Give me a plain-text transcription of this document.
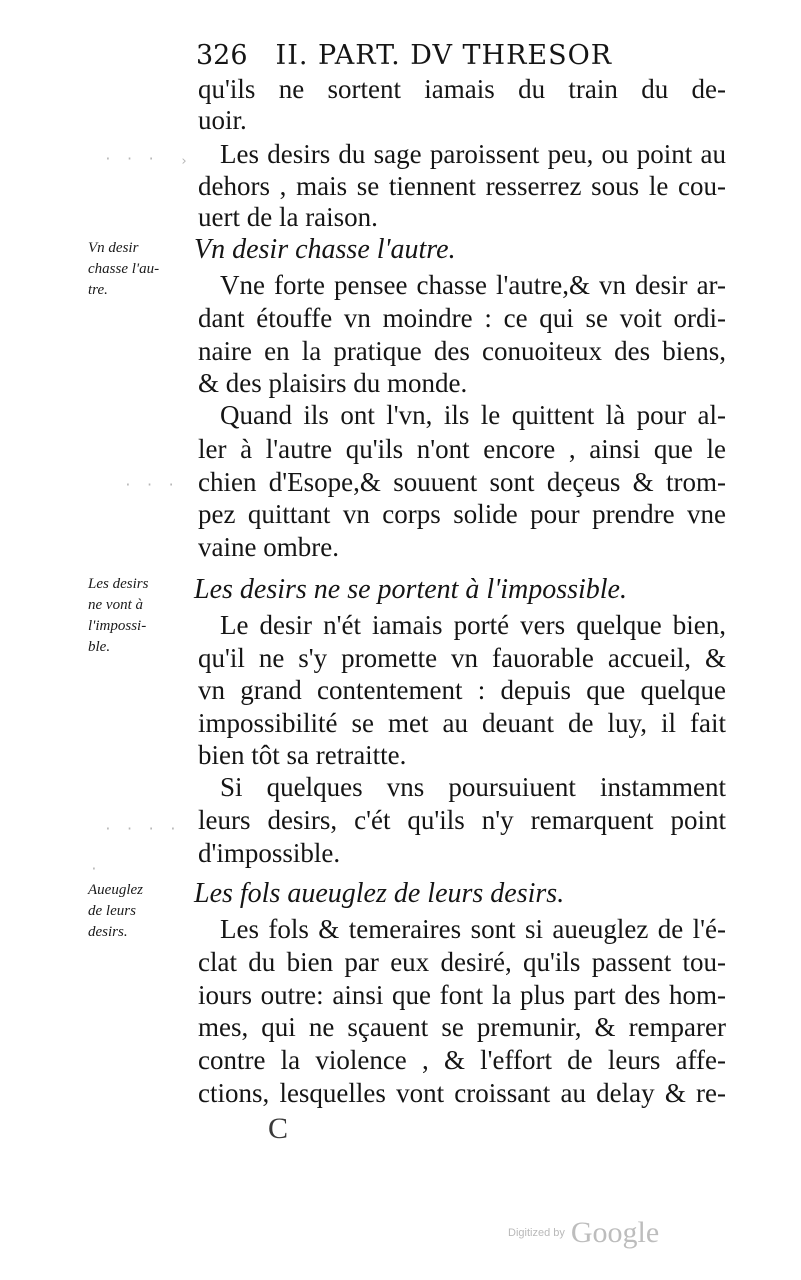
326 II. PART. DV THRESOR
qu'ils ne sortent iamais du train du de-
uoir.
Les desirs du sage paroissent peu, ou point au
dehors , mais se tiennent resserrez sous le cou-
uert de la raison.
Vn desir chasse l'autre.
Vn desir
chasse l'au-
tre.	Vne forte pensee chasse l'autre,& vn desir ar-
dant étouffe vn moindre : ce qui se voit ordi-
naire en la pratique des conuoiteux des biens,
& des plaisirs du monde.
Quand ils ont l'vn, ils le quittent là pour al-
ler à l'autre qu'ils n'ont encore , ainsi que le
chien d'Esope,& souuent sont deçeus & trom-
pez quittant vn corps solide pour prendre vne
vaine ombre.
Les desirs ne se portent à l'impossible.
Les desirs
ne vont à
l'impossi-
ble.
Le desir n'ét iamais porté vers quelque bien,
qu'il ne s'y promette vn fauorable accueil, &
vn grand contentement : depuis que quelque
impossibilité se met au deuant de luy, il fait
bien tôt sa retraitte.
Si quelques vns poursuiuent instamment
leurs desirs, c'ét qu'ils n'y remarquent point
d'impossible.
Les fols aueuglez de leurs desirs.
Aueuglez
de leurs
desirs.	Les fols & temeraires sont si aueuglez de l'é-
clat du bien par eux desiré, qu'ils passent tou-
iours outre: ainsi que font la plus part des hom-
mes, qui ne sçauent se premunir, & remparer
contre la violence , & l'effort de leurs affe-
ctions, lesquelles vont croissant au delay & re-
C
· · ·
· · ·
· · · ·
·
›
Digitized by Google
